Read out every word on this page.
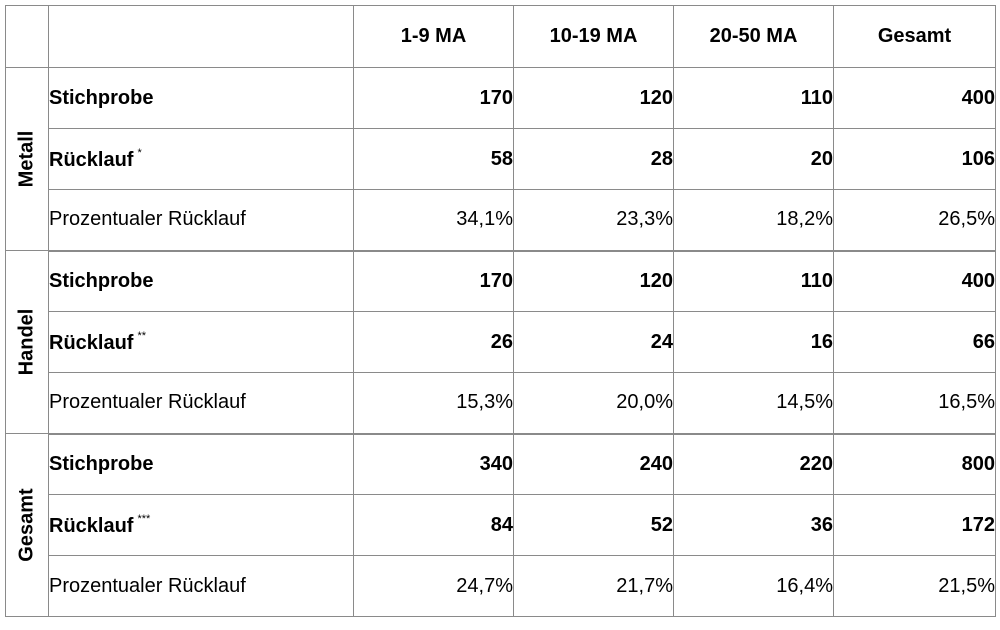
		1-9 MA	10-19 MA	20-50 MA	Gesamt

Metall	Stichprobe	170	120	110	400
	Rücklauf *	58	28	20	106
	Prozentualer Rücklauf	34,1%	23,3%	18,2%	26,5%

Handel	Stichprobe	170	120	110	400
	Rücklauf **	26	24	16	66
	Prozentualer Rücklauf	15,3%	20,0%	14,5%	16,5%

Gesamt	Stichprobe	340	240	220	800
	Rücklauf ***	84	52	36	172
	Prozentualer Rücklauf	24,7%	21,7%	16,4%	21,5%
